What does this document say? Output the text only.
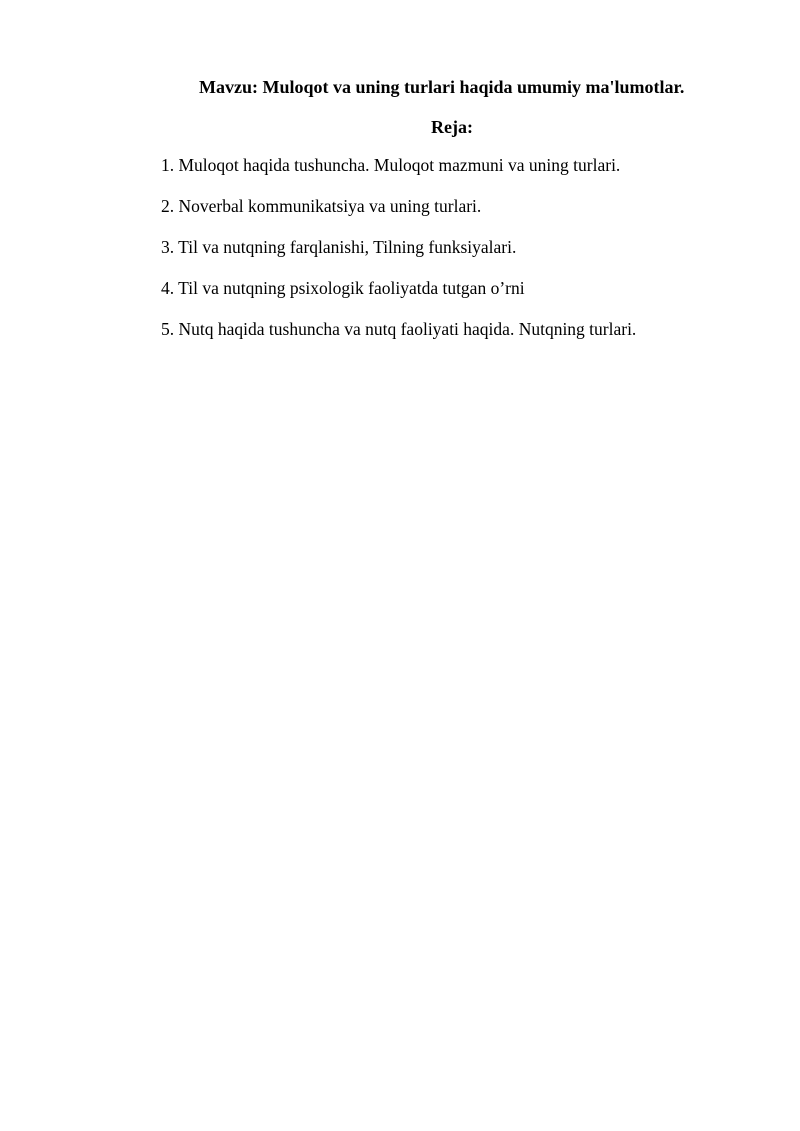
Mavzu: Muloqot va uning turlari haqida umumiy ma'lumotlar.
Reja:
1. Muloqot haqida tushuncha. Muloqot mazmuni va uning turlari.
2. Noverbal kommunikatsiya va uning turlari.
3. Til va nutqning farqlanishi, Tilning funksiyalari.
4. Til va nutqning psixologik faoliyatda tutgan o’rni
5. Nutq haqida tushuncha va nutq faoliyati haqida. Nutqning turlari.
